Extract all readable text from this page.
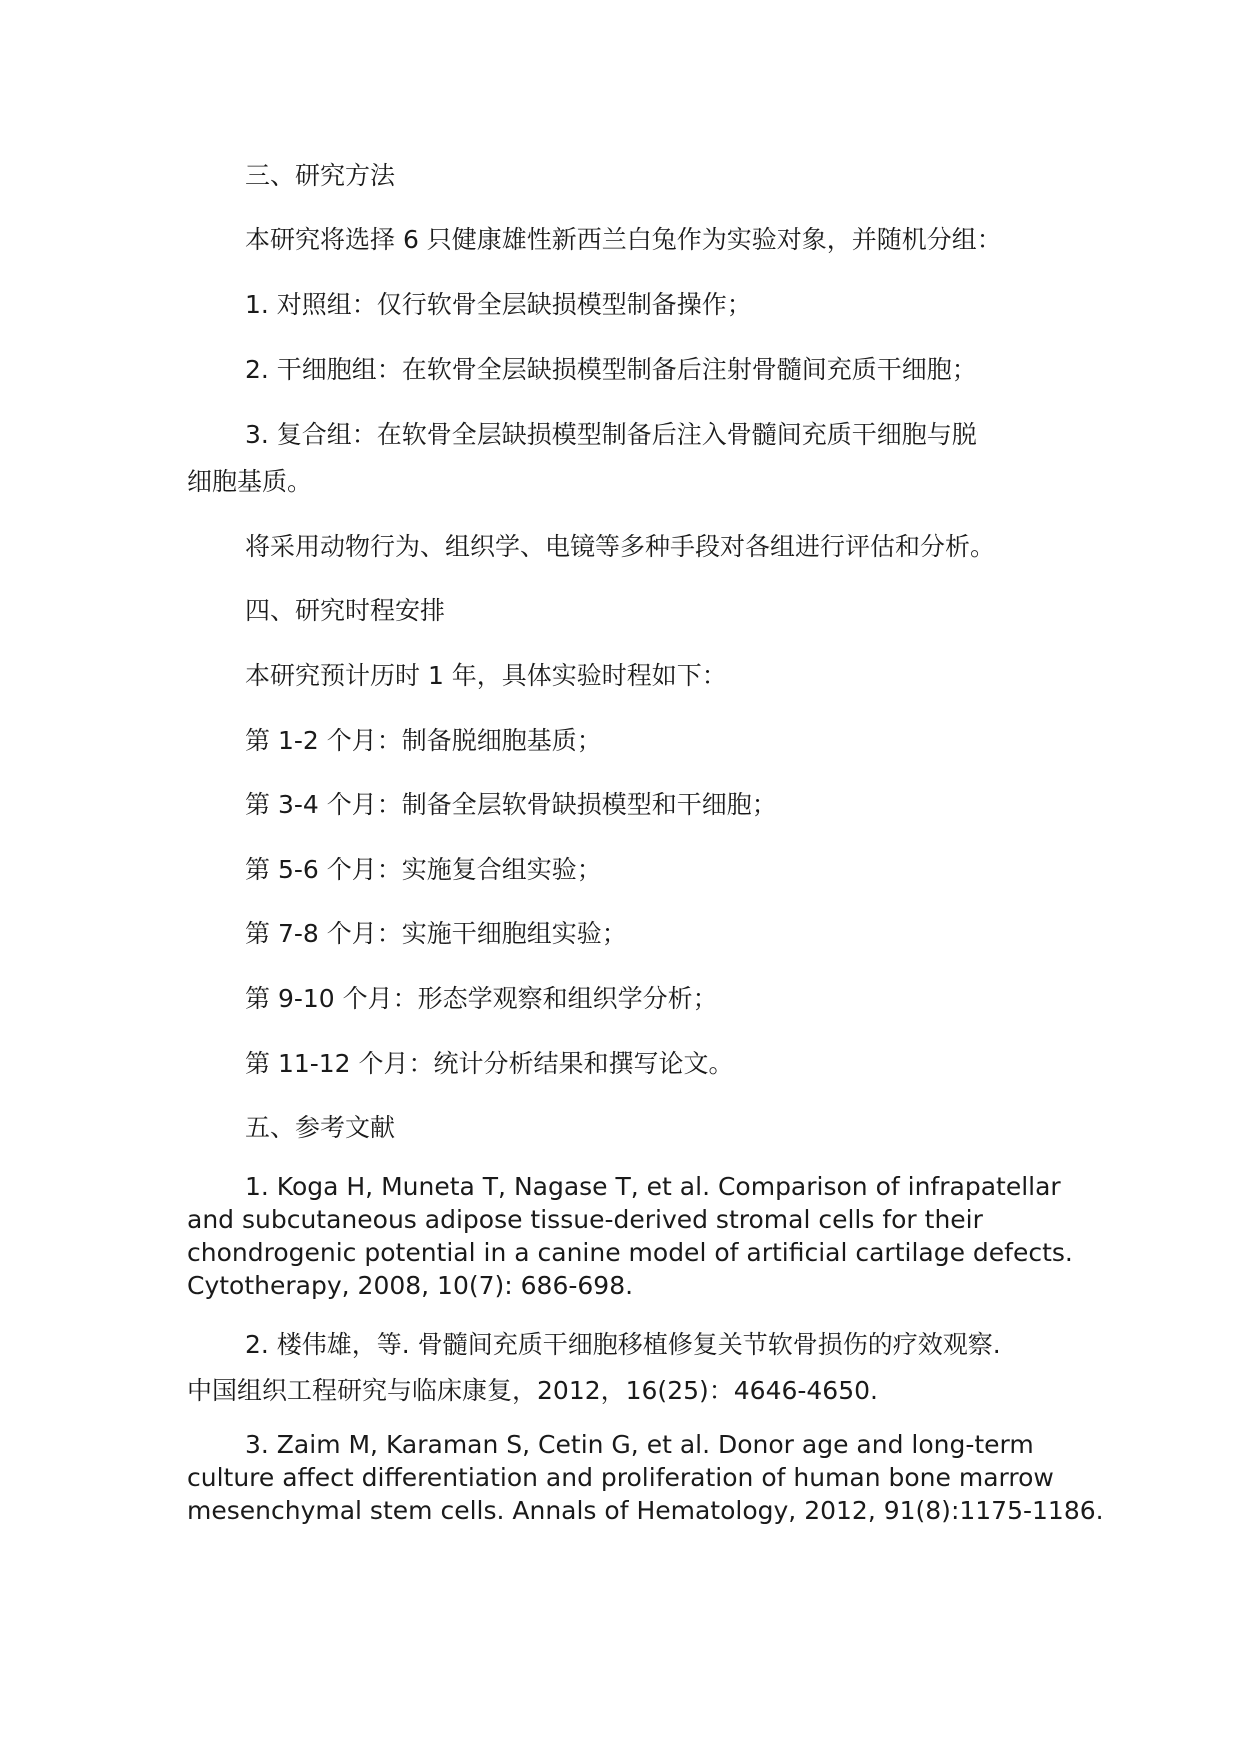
三、研究方法

本研究将选择 6 只健康雄性新西兰白兔作为实验对象，并随机分组：

1. 对照组：仅行软骨全层缺损模型制备操作；

2. 干细胞组：在软骨全层缺损模型制备后注射骨髓间充质干细胞；

3. 复合组：在软骨全层缺损模型制备后注入骨髓间充质干细胞与脱

细胞基质。

将采用动物行为、组织学、电镜等多种手段对各组进行评估和分析。

四、研究时程安排

本研究预计历时 1 年，具体实验时程如下：

第 1-2 个月：制备脱细胞基质；

第 3-4 个月：制备全层软骨缺损模型和干细胞；

第 5-6 个月：实施复合组实验；

第 7-8 个月：实施干细胞组实验；

第 9-10 个月：形态学观察和组织学分析；

第 11-12 个月：统计分析结果和撰写论文。

五、参考文献

1. Koga H, Muneta T, Nagase T, et al. Comparison of infrapatellar
and subcutaneous adipose tissue-derived stromal cells for their
chondrogenic potential in a canine model of artificial cartilage defects.
Cytotherapy, 2008, 10(7): 686-698.
2. 楼伟雄，等. 骨髓间充质干细胞移植修复关节软骨损伤的疗效观察.
中国组织工程研究与临床康复，2012，16(25)：4646-4650.
3. Zaim M, Karaman S, Cetin G, et al. Donor age and long-term
culture affect differentiation and proliferation of human bone marrow
mesenchymal stem cells. Annals of Hematology, 2012, 91(8):1175-1186.
